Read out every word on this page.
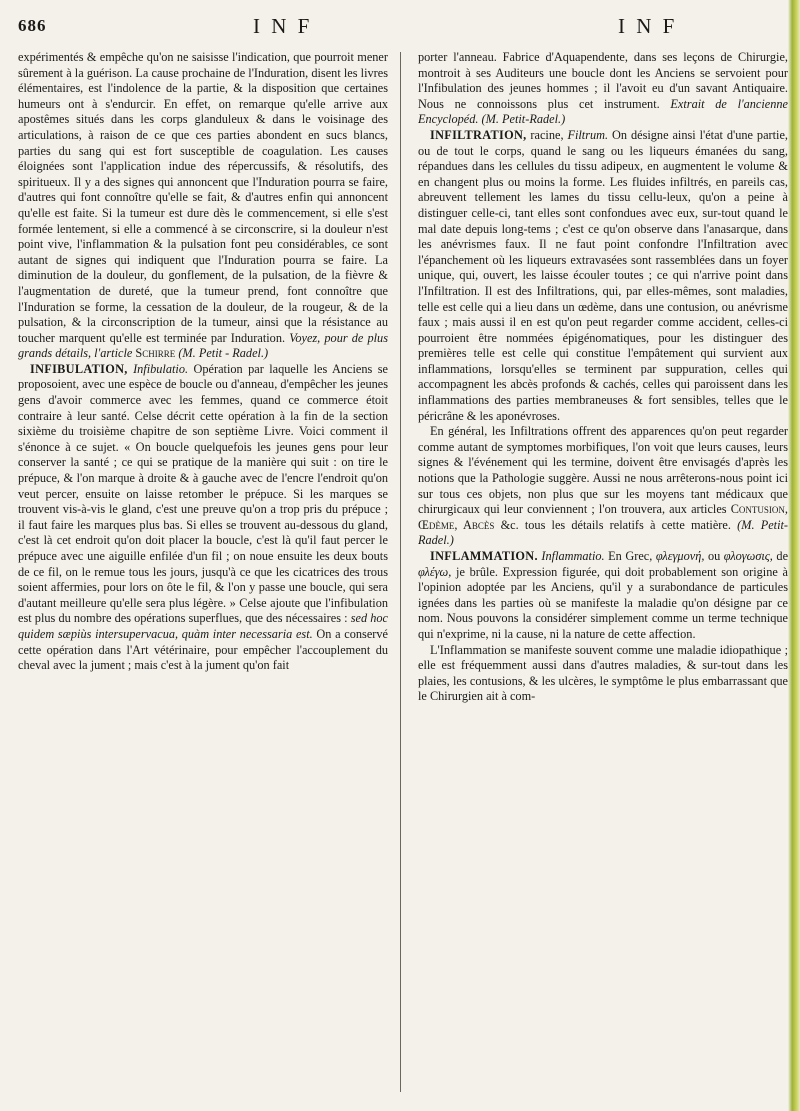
686	I N F	I N F

expérimentés & empêche qu'on ne saisisse l'indication, que pourroit mener sûrement à la guérison. La cause prochaine de l'Induration, disent les livres élémentaires, est l'indolence de la partie, & la disposition que certaines humeurs ont à s'endurcir. En effet, on remarque qu'elle arrive aux apostêmes situés dans les corps glanduleux & dans le voisinage des articulations, à raison de ce que ces parties abondent en sucs blancs, parties du sang qui est fort susceptible de coagulation. Les causes éloignées sont l'application indue des répercussifs, & résolutifs, des spiritueux. Il y a des signes qui annoncent que l'Induration pourra se faire, d'autres qui font connoître qu'elle se fait, & d'autres enfin qui annoncent qu'elle est faite. Si la tumeur est dure dès le commencement, si elle s'est formée lentement, si elle a commencé à se circonscrire, si la douleur n'est point vive, l'inflammation & la pulsation font peu considérables, ce sont autant de signes qui indiquent que l'Induration pourra se faire. La diminution de la douleur, du gonflement, de la pulsation, de la fièvre & l'augmentation de dureté, que la tumeur prend, font connoître que l'Induration se forme, la cessation de la douleur, de la rougeur, & de la pulsation, & la circonscription de la tumeur, ainsi que la résistance au toucher marquent qu'elle est terminée par Induration. Voyez, pour de plus grands détails, l'article Schirre (M. Petit - Radel.)

INFIBULATION, Infibulatio. Opération par laquelle les Anciens se proposoient, avec une espèce de boucle ou d'anneau, d'empêcher les jeunes gens d'avoir commerce avec les femmes, quand ce commerce étoit contraire à leur santé. Celse décrit cette opération à la fin de la section sixième du troisième chapitre de son septième Livre. Voici comment il s'énonce à ce sujet. « On boucle quelquefois les jeunes gens pour leur conserver la santé ; ce qui se pratique de la manière qui suit : on tire le prépuce, & l'on marque à droite & à gauche avec de l'encre l'endroit qu'on veut percer, ensuite on laisse retomber le prépuce. Si les marques se trouvent vis-à-vis le gland, c'est une preuve qu'on a trop pris du prépuce ; il faut faire les marques plus bas. Si elles se trouvent au-dessous du gland, c'est là cet endroit qu'on doit placer la boucle, c'est là qu'il faut percer le prépuce avec une aiguille enfilée d'un fil ; on noue ensuite les deux bouts de ce fil, on le remue tous les jours, jusqu'à ce que les cicatrices des trous soient affermies, pour lors on ôte le fil, & l'on y passe une boucle, qui sera d'autant meilleure qu'elle sera plus légère. » Celse ajoute que l'infibulation est plus du nombre des opérations superflues, que des nécessaires : sed hoc quidem sæpiùs intersupervacua, quàm inter necessaria est. On a conservé cette opération dans l'Art vétérinaire, pour empêcher l'accouplement du cheval avec la jument ; mais c'est à la jument qu'on fait

porter l'anneau. Fabrice d'Aquapendente, dans ses leçons de Chirurgie, montroit à ses Auditeurs une boucle dont les Anciens se servoient pour l'Infibulation des jeunes hommes ; il l'avoit eu d'un savant Antiquaire. Nous ne connoissons plus cet instrument. Extrait de l'ancienne Encyclopéd. (M. Petit-Radel.)

INFILTRATION, racine, Filtrum. On désigne ainsi l'état d'une partie, ou de tout le corps, quand le sang ou les liqueurs émanées du sang, répandues dans les cellules du tissu adipeux, en augmentent le volume & en changent plus ou moins la forme. Les fluides infiltrés, en pareils cas, abreuvent tellement les lames du tissu cellu-leux, qu'on a peine à distinguer celle-ci, tant elles sont confondues avec eux, sur-tout quand le mal date depuis long-tems ; c'est ce qu'on observe dans l'anasarque, dans les anévrismes faux. Il ne faut point confondre l'Infiltration avec l'épanchement où les liqueurs extravasées sont rassemblées dans un foyer unique, qui, ouvert, les laisse écouler toutes ; ce qui n'arrive point dans l'Infiltration. Il est des Infiltrations, qui, par elles-mêmes, sont maladies, telle est celle qui a lieu dans un œdème, dans une contusion, ou anévrisme faux ; mais aussi il en est qu'on peut regarder comme accident, celles-ci pourroient être nommées épigénomatiques, pour les distinguer des premières telle est celle qui constitue l'empâtement qui survient aux inflammations, lorsqu'elles se terminent par suppuration, celles qui accompagnent les abcès profonds & cachés, celles qui paroissent dans les inflammations des parties membraneuses & fort sensibles, telles que le péricrâne & les aponévroses.

En général, les Infiltrations offrent des apparences qu'on peut regarder comme autant de symptomes morbifiques, l'on voit que leurs causes, leurs signes & l'événement qui les termine, doivent être envisagés d'après les notions que la Pathologie suggère. Aussi ne nous arrêterons-nous point ici sur tous ces objets, non plus que sur les moyens tant médicaux que chirurgicaux qui leur conviennent ; l'on trouvera, aux articles Contusion, Œdème, Abcès &c. tous les détails relatifs à cette matière. (M. Petit-Radel.)

INFLAMMATION. Inflammatio. En Grec, φλεγμονή, ou φλογωσις, de φλέγω, je brûle. Expression figurée, qui doit probablement son origine à l'opinion adoptée par les Anciens, qu'il y a surabondance de particules ignées dans les parties où se manifeste la maladie qu'on désigne par ce nom. Nous pouvons la considérer simplement comme un terme technique qui n'exprime, ni la cause, ni la nature de cette affection.

L'Inflammation se manifeste souvent comme une maladie idiopathique ; elle est fréquemment aussi dans d'autres maladies, & sur-tout dans les plaies, les contusions, & les ulcères, le symptôme le plus embarrassant que le Chirurgien ait à com-
